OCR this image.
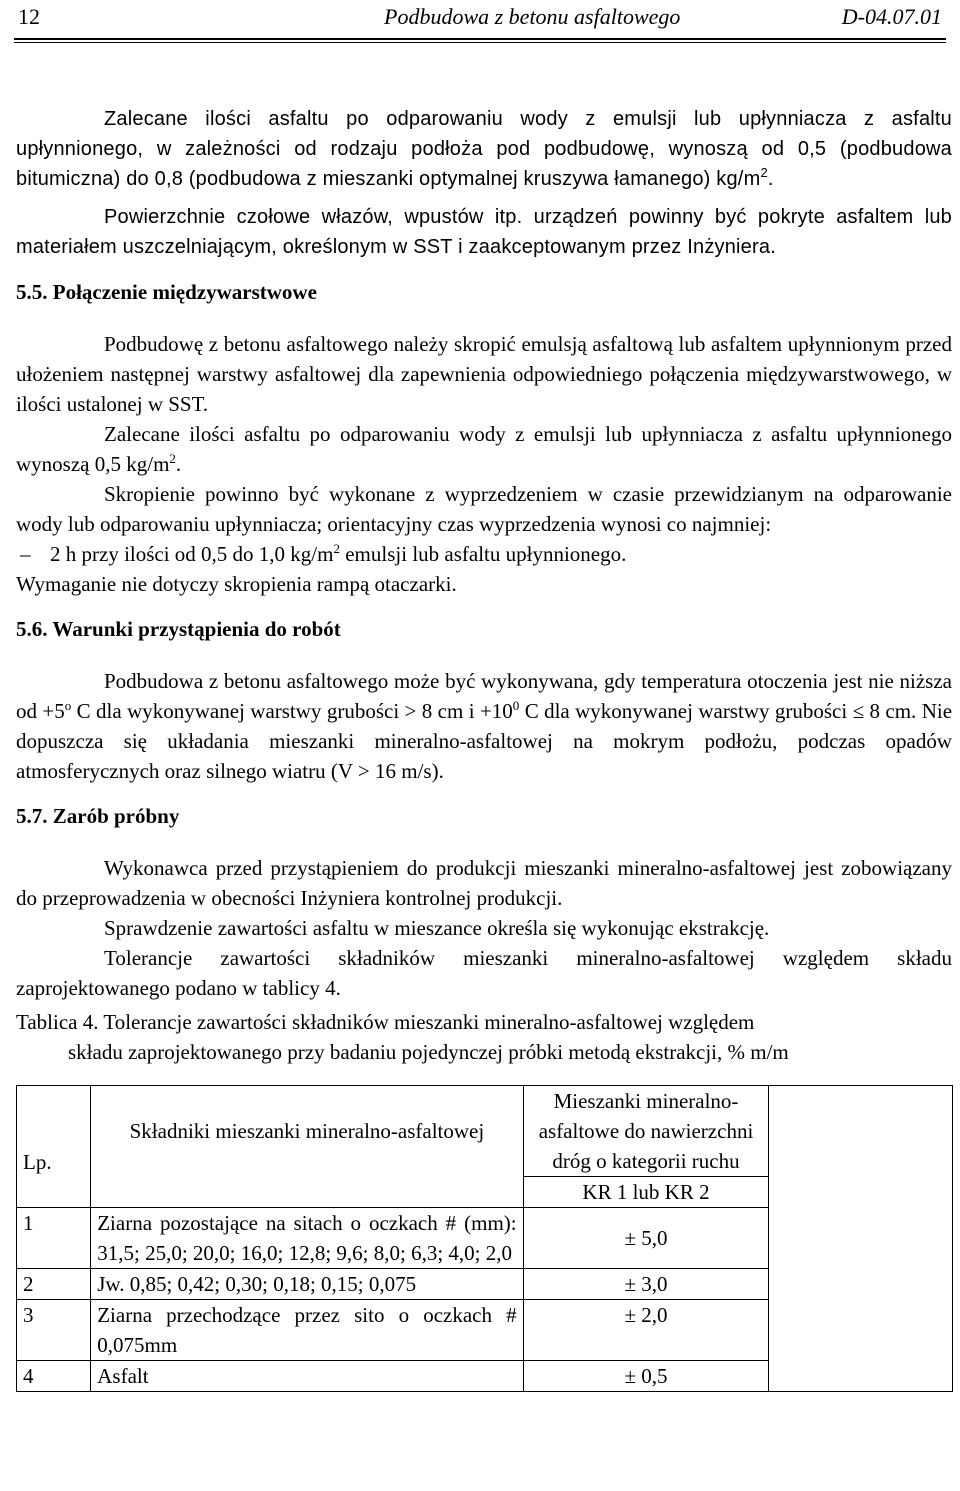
12	Podbudowa z betonu asfaltowego	D-04.07.01

Zalecane ilości asfaltu po odparowaniu wody z emulsji lub upłynniacza z asfaltu upłynnionego, w zależności od rodzaju podłoża pod podbudowę, wynoszą od 0,5 (podbudowa bitumiczna) do 0,8 (podbudowa z mieszanki optymalnej kruszywa łamanego) $kg/m^2$.

Powierzchnie czołowe włazów, wpustów itp. urządzeń powinny być pokryte asfaltem lub materiałem uszczelniającym, określonym w SST i zaakceptowanym przez Inżyniera.

5.5. Połączenie międzywarstwowe

Podbudowę z betonu asfaltowego należy skropić emulsją asfaltową lub asfaltem upłynnionym przed ułożeniem następnej warstwy asfaltowej dla zapewnienia odpowiedniego połączenia międzywarstwowego, w ilości ustalonej w SST.

Zalecane ilości asfaltu po odparowaniu wody z emulsji lub upłynniacza z asfaltu upłynnionego wynoszą 0,5 $kg/m^2$.

Skropienie powinno być wykonane z wyprzedzeniem w czasie przewidzianym na odparowanie wody lub odparowaniu upłynniacza; orientacyjny czas wyprzedzenia wynosi co najmniej:

– 2 h przy ilości od 0,5 do 1,0 $kg/m^2$ emulsji lub asfaltu upłynnionego.

Wymaganie nie dotyczy skropienia rampą otaczarki.

5.6. Warunki przystąpienia do robót

Podbudowa z betonu asfaltowego może być wykonywana, gdy temperatura otoczenia jest nie niższa od $+5^o$ C dla wykonywanej warstwy grubości > 8 cm $i +10^0$ C dla wykonywanej warstwy grubości ≤ 8 cm. Nie dopuszcza się układania mieszanki mineralno-asfaltowej na mokrym podłożu, podczas opadów atmosferycznych oraz silnego wiatru (V > 16 m/s).

5.7. Zarób próbny

Wykonawca przed przystąpieniem do produkcji mieszanki mineralno-asfaltowej jest zobowiązany do przeprowadzenia w obecności Inżyniera kontrolnej produkcji.

Sprawdzenie zawartości asfaltu w mieszance określa się wykonując ekstrakcję.

Tolerancje zawartości składników mieszanki mineralno-asfaltowej względem składu zaprojektowanego podano w tablicy 4.

Tablica 4. Tolerancje zawartości składników mieszanki mineralno-asfaltowej względem
składu zaprojektowanego przy badaniu pojedynczej próbki metodą ekstrakcji, % m/m
Lp.	Składniki mieszanki mineralno-asfaltowej	Mieszanki mineralno-asfaltowe do nawierzchni dróg o kategorii ruchu	
		KR 1 lub KR 2	
1	Ziarna pozostające na sitach o oczkach # (mm): 31,5; 25,0; 20,0; 16,0; 12,8; 9,6; 8,0; 6,3; 4,0; 2,0	± 5,0	
2	Jw. 0,85; 0,42; 0,30; 0,18; 0,15; 0,075	± 3,0	
3	Ziarna przechodzące przez sito o oczkach # 0,075mm	± 2,0	
4	Asfalt	± 0,5	
